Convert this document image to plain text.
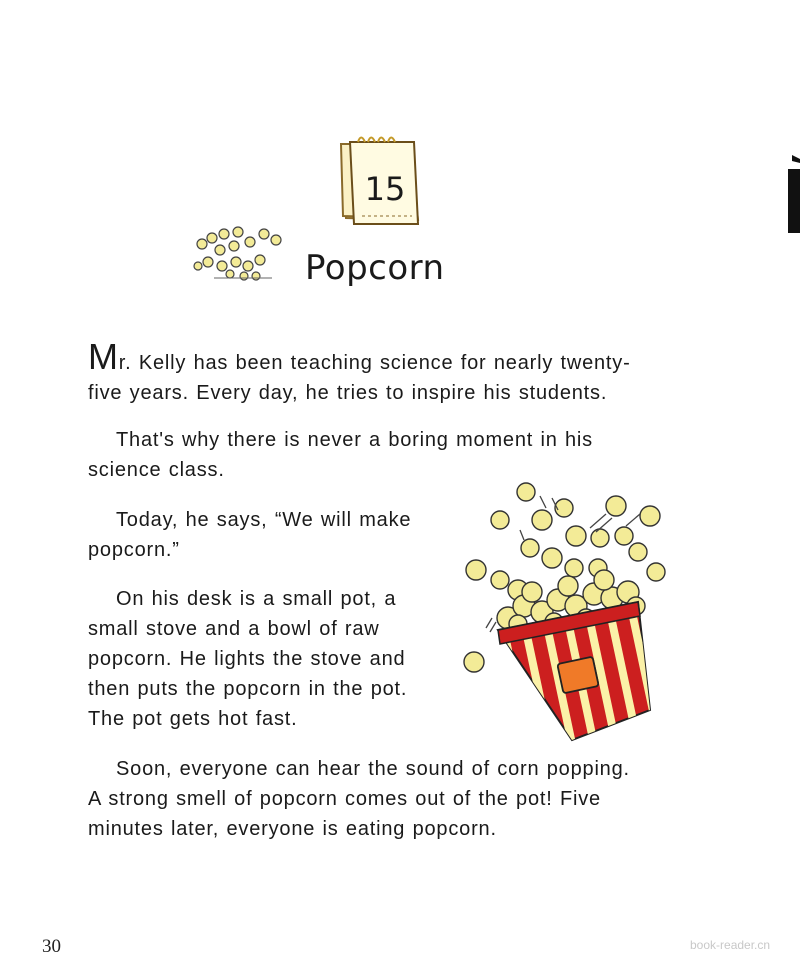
15
Popcorn

Mr. Kelly has been teaching science for nearly twenty-
five years. Every day, he tries to inspire his students.

That's why there is never a boring moment in his
science class.

Today, he says, “We will make
popcorn.”

On his desk is a small pot, a
small stove and a bowl of raw
popcorn. He lights the stove and
then puts the popcorn in the pot.
The pot gets hot fast.

Soon, everyone can hear the sound of corn popping.
A strong smell of popcorn comes out of the pot! Five
minutes later, everyone is eating popcorn.

30	book-reader.cn
